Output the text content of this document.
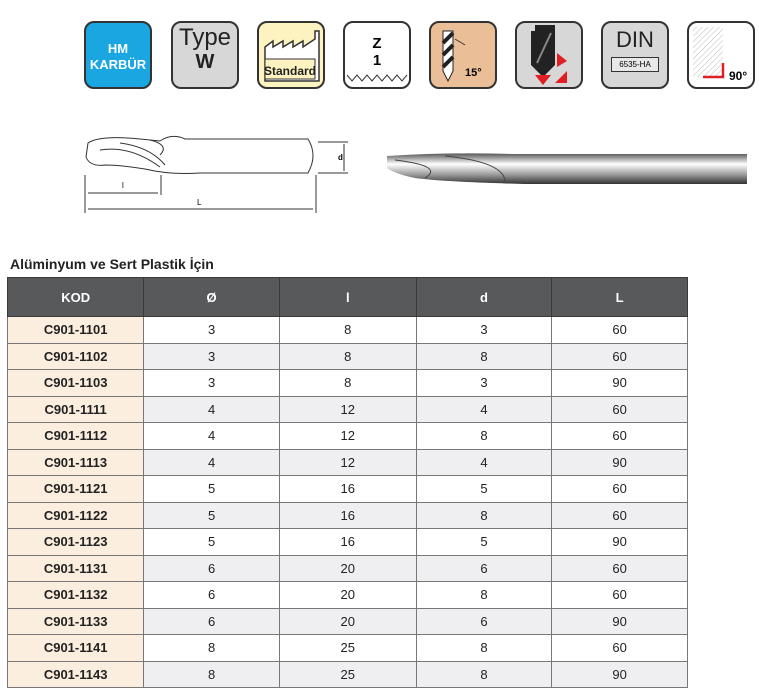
HM
KARBÜR
Type
W	Standard
Z
1
15°
DIN
6535-HA
90°
d
l
L
Alüminyum ve Sert Plastik İçin
KOD	Ø	l	d	L
C901-1101	3	8	3	60
C901-1102	3	8	8	60
C901-1103	3	8	3	90
C901-1111	4	12	4	60
C901-1112	4	12	8	60
C901-1113	4	12	4	90
C901-1121	5	16	5	60
C901-1122	5	16	8	60
C901-1123	5	16	5	90
C901-1131	6	20	6	60
C901-1132	6	20	8	60
C901-1133	6	20	6	90
C901-1141	8	25	8	60
C901-1143	8	25	8	90
